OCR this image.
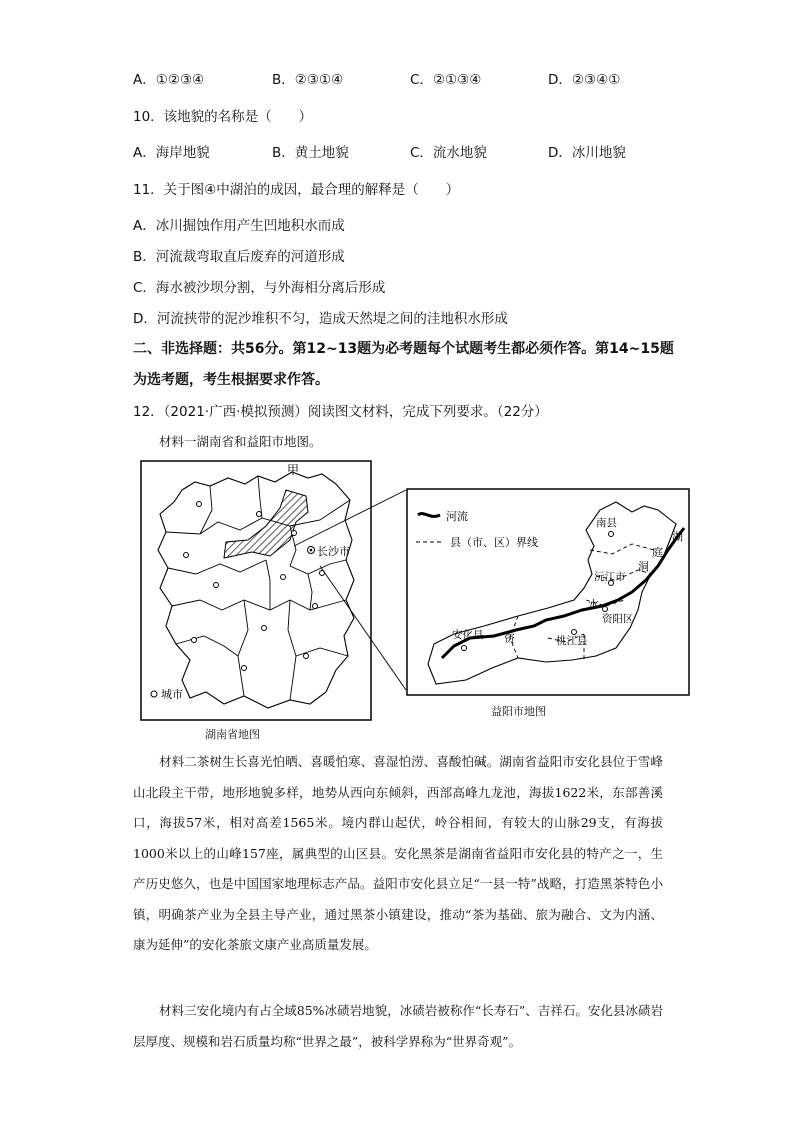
A．①②③④	B．②③①④	C．②①③④	D．②③④①
10．该地貌的名称是（　　）
A．海岸地貌	B．黄土地貌	C．流水地貌	D．冰川地貌
11．关于图④中湖泊的成因，最合理的解释是（　　）
A．冰川掘蚀作用产生凹地积水而成
B．河流裁弯取直后废弃的河道形成
C．海水被沙坝分割，与外海相分离后形成
D．河流挟带的泥沙堆积不匀，造成天然堤之间的洼地积水形成
二、非选择题：共56分。第12~13题为必考题每个试题考生都必须作答。第14~15题
为选考题，考生根据要求作答。
12．（2021·广西·模拟预测）阅读图文材料，完成下列要求。（22分）
材料一湖南省和益阳市地图。
甲
长沙市
城市
湖南省地图
河流
县（市、区）界线
南县
湖
庭
洞
沅江市
水
资阳区
安化县 资	桃江县
益阳市地图
材料二茶树生长喜光怕晒、喜暖怕寒、喜湿怕涝、喜酸怕碱。湖南省益阳市安化县位于雪峰山北段主干带，地形地貌多样，地势从西向东倾斜，西部高峰九龙池，海拔1622米，东部善溪口，海拔57米，相对高差1565米。境内群山起伏，岭谷相间，有较大的山脉29支，有海拔1000米以上的山峰157座，属典型的山区县。安化黑茶是湖南省益阳市安化县的特产之一，生产历史悠久，也是中国国家地理标志产品。益阳市安化县立足“一县一特”战略，打造黑茶特色小镇，明确茶产业为全县主导产业，通过黑茶小镇建设，推动“茶为基础、旅为融合、文为内涵、康为延伸”的安化茶旅文康产业高质量发展。
材料三安化境内有占全域85%冰碛岩地貌，冰碛岩被称作“长寿石”、吉祥石。安化县冰碛岩层厚度、规模和岩石质量均称“世界之最”，被科学界称为“世界奇观”。
